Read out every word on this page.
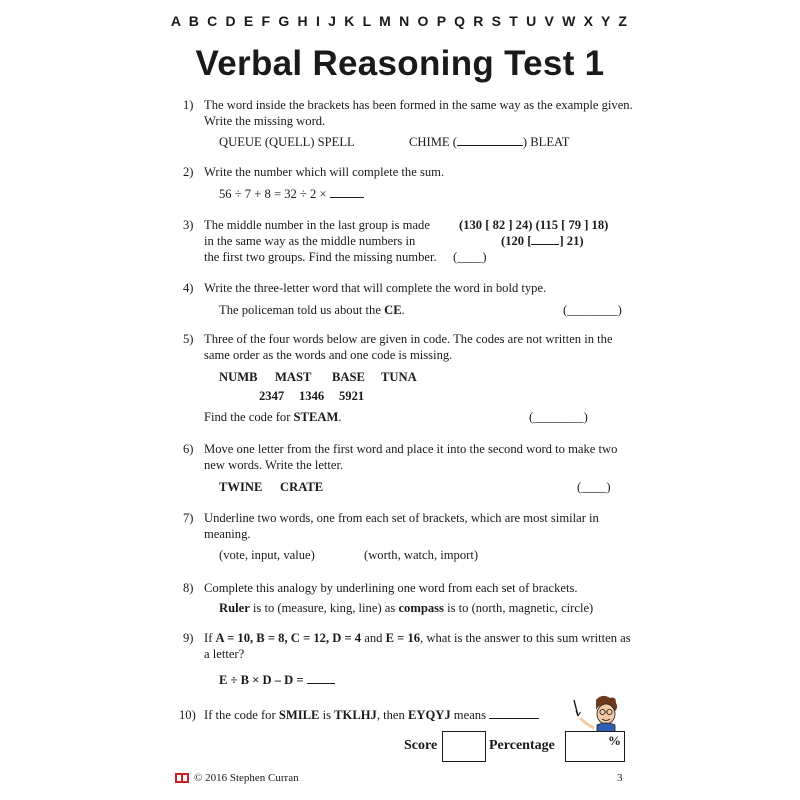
A B C D E F G H I J K L M N O P Q R S T U V W X Y Z
Verbal Reasoning Test 1
1) The word inside the brackets has been formed in the same way as the example given. Write the missing word.
QUEUE (QUELL) SPELL	CHIME (	) BLEAT
2) Write the number which will complete the sum.
56 ÷ 7 + 8 = 32 ÷ 2 ×
3) The middle number in the last group is made
in the same way as the middle numbers in
the first two groups. Find the missing number.
(130 [ 82 ] 24) (115 [ 79 ] 18)
(120 [ ] 21)
(____)
4) Write the three-letter word that will complete the word in bold type.
The policeman told us about the CE.	(________)
5) Three of the four words below are given in code. The codes are not written in the same order as the words and one code is missing.
NUMB MAST BASE TUNA
2347 1346 5921
Find the code for STEAM.	(________)
6) Move one letter from the first word and place it into the second word to make two new words. Write the letter.
TWINE CRATE	(____)
7) Underline two words, one from each set of brackets, which are most similar in meaning.
(vote, input, value)	(worth, watch, import)
8) Complete this analogy by underlining one word from each set of brackets.
Ruler is to (measure, king, line) as compass is to (north, magnetic, circle)
9) If A = 10, B = 8, C = 12, D = 4 and E = 16, what is the answer to this sum written as a letter?
E ÷ B × D – D =
10) If the code for SMILE is TKLHJ, then EYQYJ means
Score	Percentage	%
© 2016 Stephen Curran	3
